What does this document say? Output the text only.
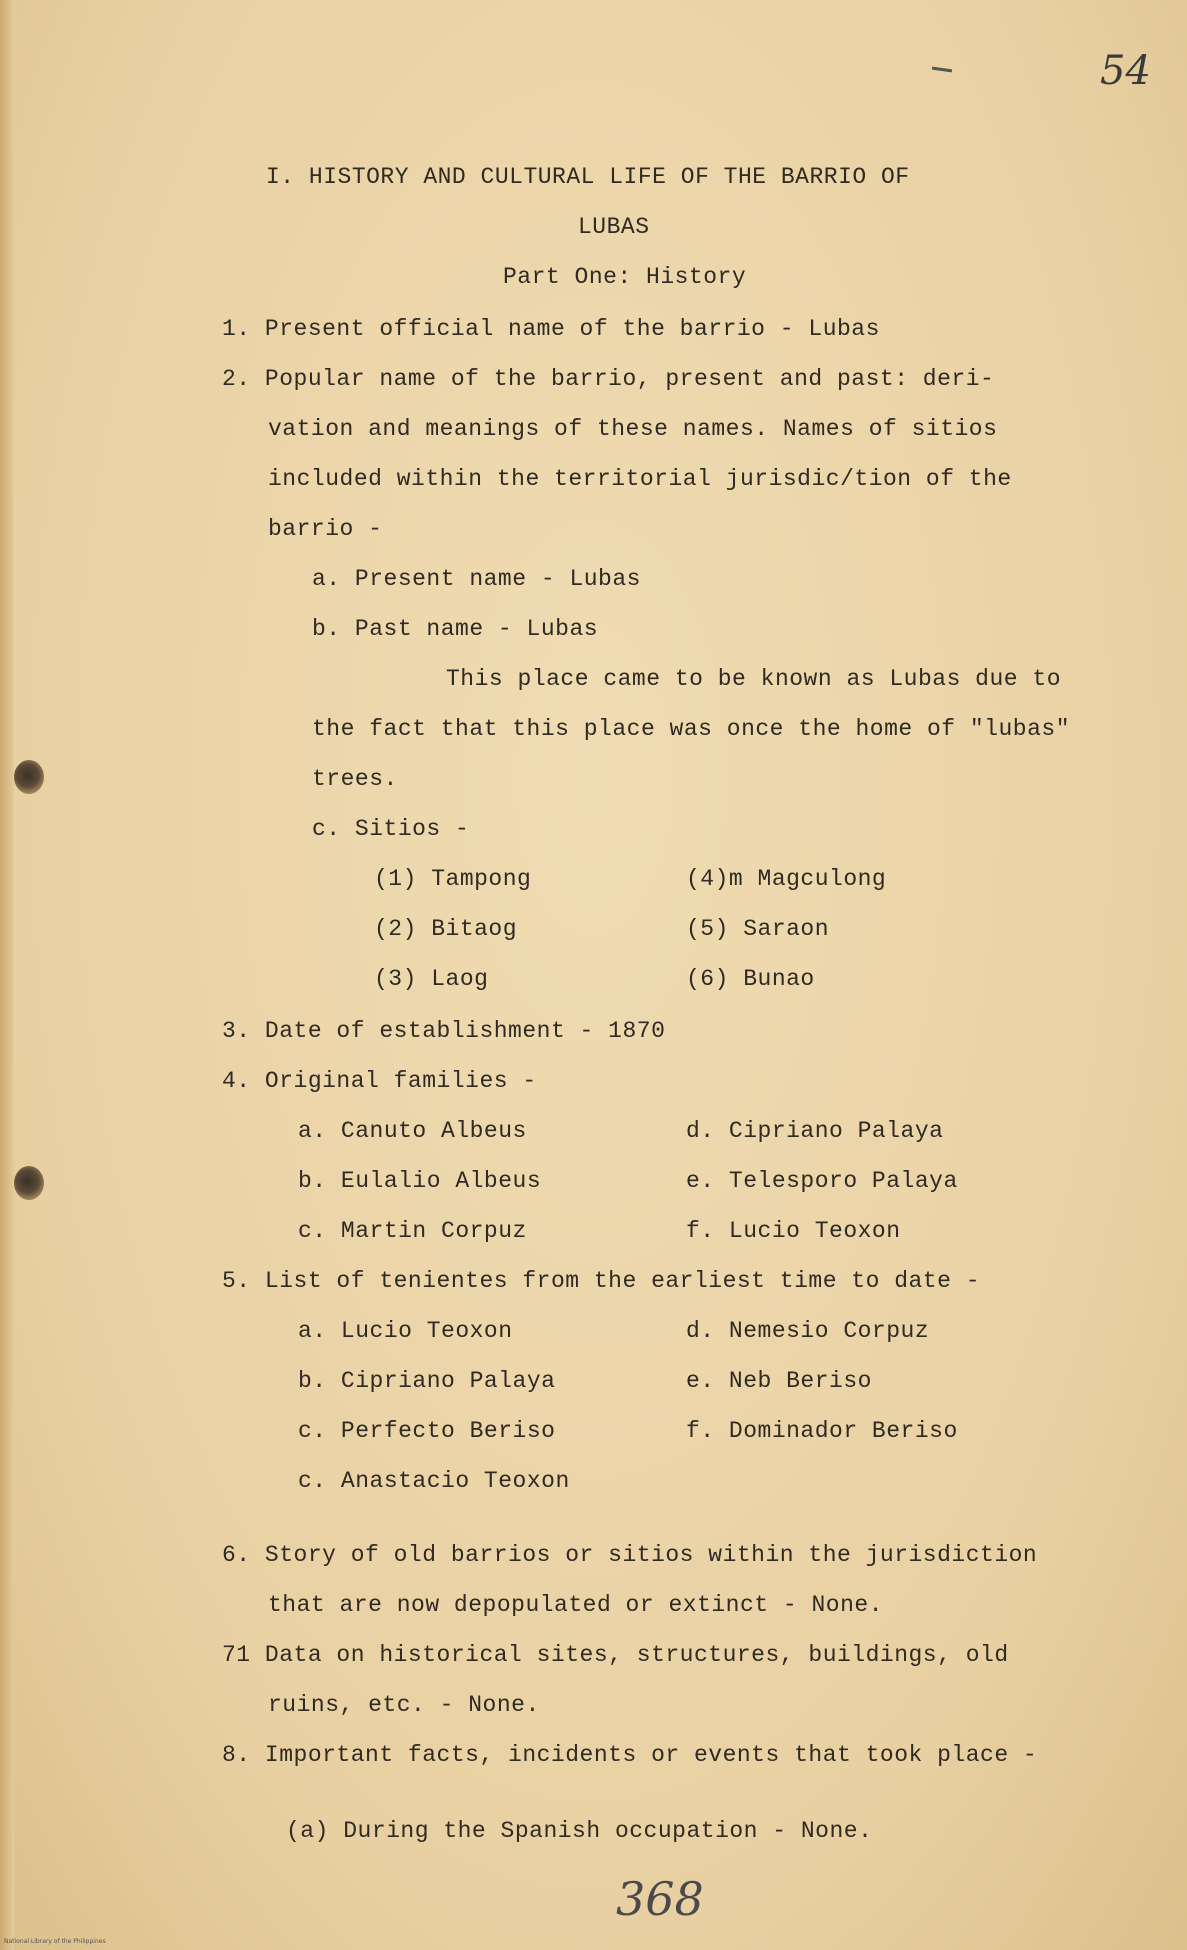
54
I. HISTORY AND CULTURAL LIFE OF THE BARRIO OF
LUBAS
Part One: History
1. Present official name of the barrio - Lubas
2. Popular name of the barrio, present and past: deri-
vation and meanings of these names. Names of sitios
included within the territorial jurisdic/tion of the
barrio -
a. Present name - Lubas
b. Past name - Lubas
This place came to be known as Lubas due to
the fact that this place was once the home of "lubas"
trees.
c. Sitios -
(1) Tampong
(2) Bitaog
(3) Laog
(4)m Magculong
(5) Saraon
(6) Bunao
3. Date of establishment - 1870
4. Original families -
a. Canuto Albeus
b. Eulalio Albeus
c. Martin Corpuz
d. Cipriano Palaya
e. Telesporo Palaya
f. Lucio Teoxon
5. List of tenientes from the earliest time to date -
a. Lucio Teoxon
b. Cipriano Palaya
c. Perfecto Beriso
c. Anastacio Teoxon
d. Nemesio Corpuz
e. Neb Beriso
f. Dominador Beriso
6. Story of old barrios or sitios within the jurisdiction
that are now depopulated or extinct - None.
71 Data on historical sites, structures, buildings, old
ruins, etc. - None.
8. Important facts, incidents or events that took place -
(a) During the Spanish occupation - None.
368
National Library of the Philippines
